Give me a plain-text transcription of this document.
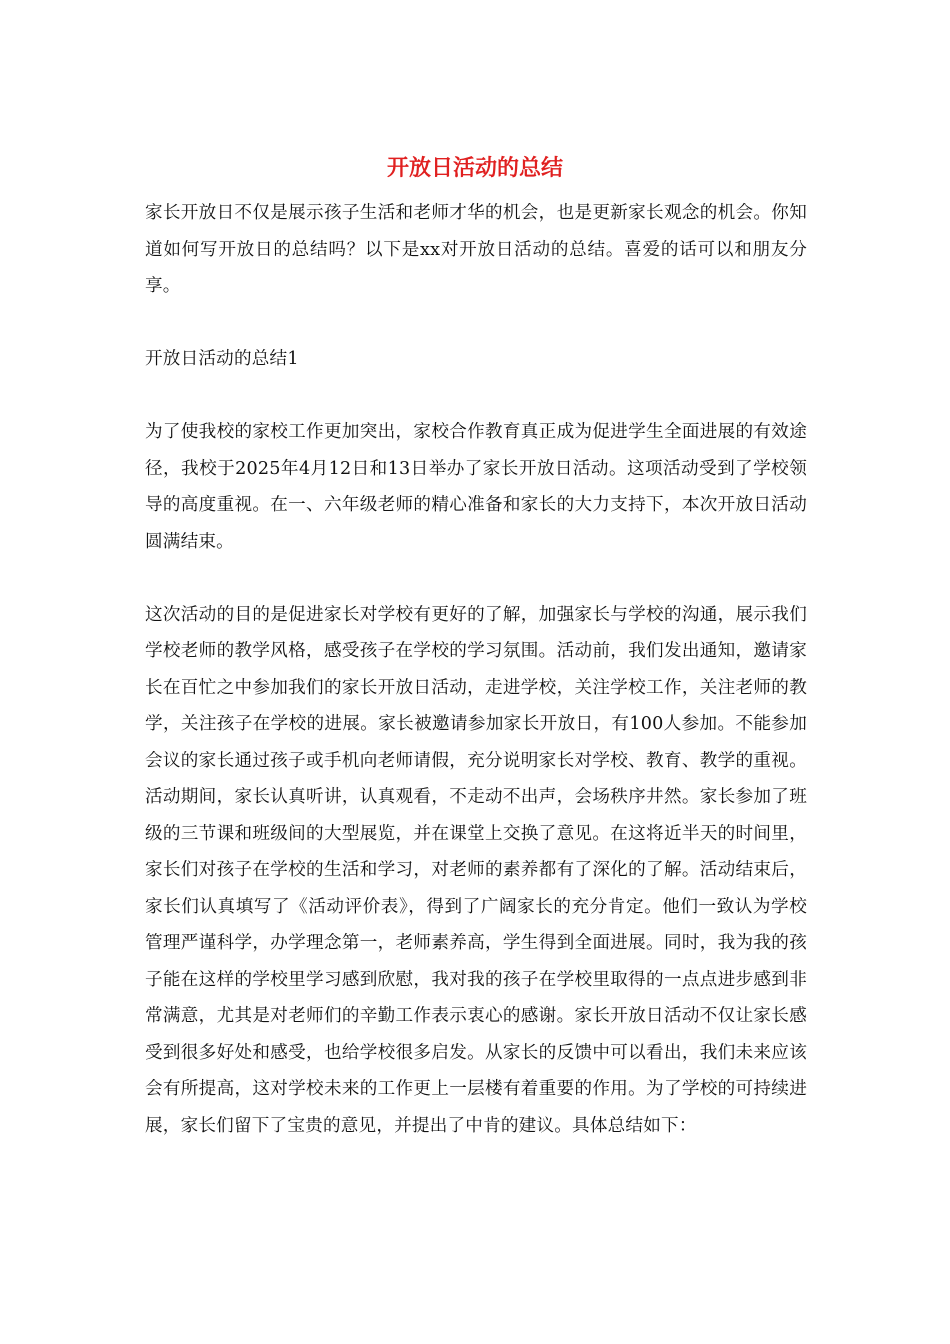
开放日活动的总结

家长开放日不仅是展示孩子生活和老师才华的机会，也是更新家长观念的机会。你知道如何写开放日的总结吗？以下是xx对开放日活动的总结。喜爱的话可以和朋友分享。

开放日活动的总结1

为了使我校的家校工作更加突出，家校合作教育真正成为促进学生全面进展的有效途径，我校于2025年4月12日和13日举办了家长开放日活动。这项活动受到了学校领导的高度重视。在一、六年级老师的精心准备和家长的大力支持下，本次开放日活动圆满结束。

这次活动的目的是促进家长对学校有更好的了解，加强家长与学校的沟通，展示我们学校老师的教学风格，感受孩子在学校的学习氛围。活动前，我们发出通知，邀请家长在百忙之中参加我们的家长开放日活动，走进学校，关注学校工作，关注老师的教学，关注孩子在学校的进展。家长被邀请参加家长开放日，有100人参加。不能参加会议的家长通过孩子或手机向老师请假，充分说明家长对学校、教育、教学的重视。活动期间，家长认真听讲，认真观看，不走动不出声，会场秩序井然。家长参加了班级的三节课和班级间的大型展览，并在课堂上交换了意见。在这将近半天的时间里，家长们对孩子在学校的生活和学习，对老师的素养都有了深化的了解。活动结束后，家长们认真填写了《活动评价表》，得到了广阔家长的充分肯定。他们一致认为学校管理严谨科学，办学理念第一，老师素养高，学生得到全面进展。同时，我为我的孩子能在这样的学校里学习感到欣慰，我对我的孩子在学校里取得的一点点进步感到非常满意，尤其是对老师们的辛勤工作表示衷心的感谢。家长开放日活动不仅让家长感受到很多好处和感受，也给学校很多启发。从家长的反馈中可以看出，我们未来应该会有所提高，这对学校未来的工作更上一层楼有着重要的作用。为了学校的可持续进展，家长们留下了宝贵的意见，并提出了中肯的建议。具体总结如下：
